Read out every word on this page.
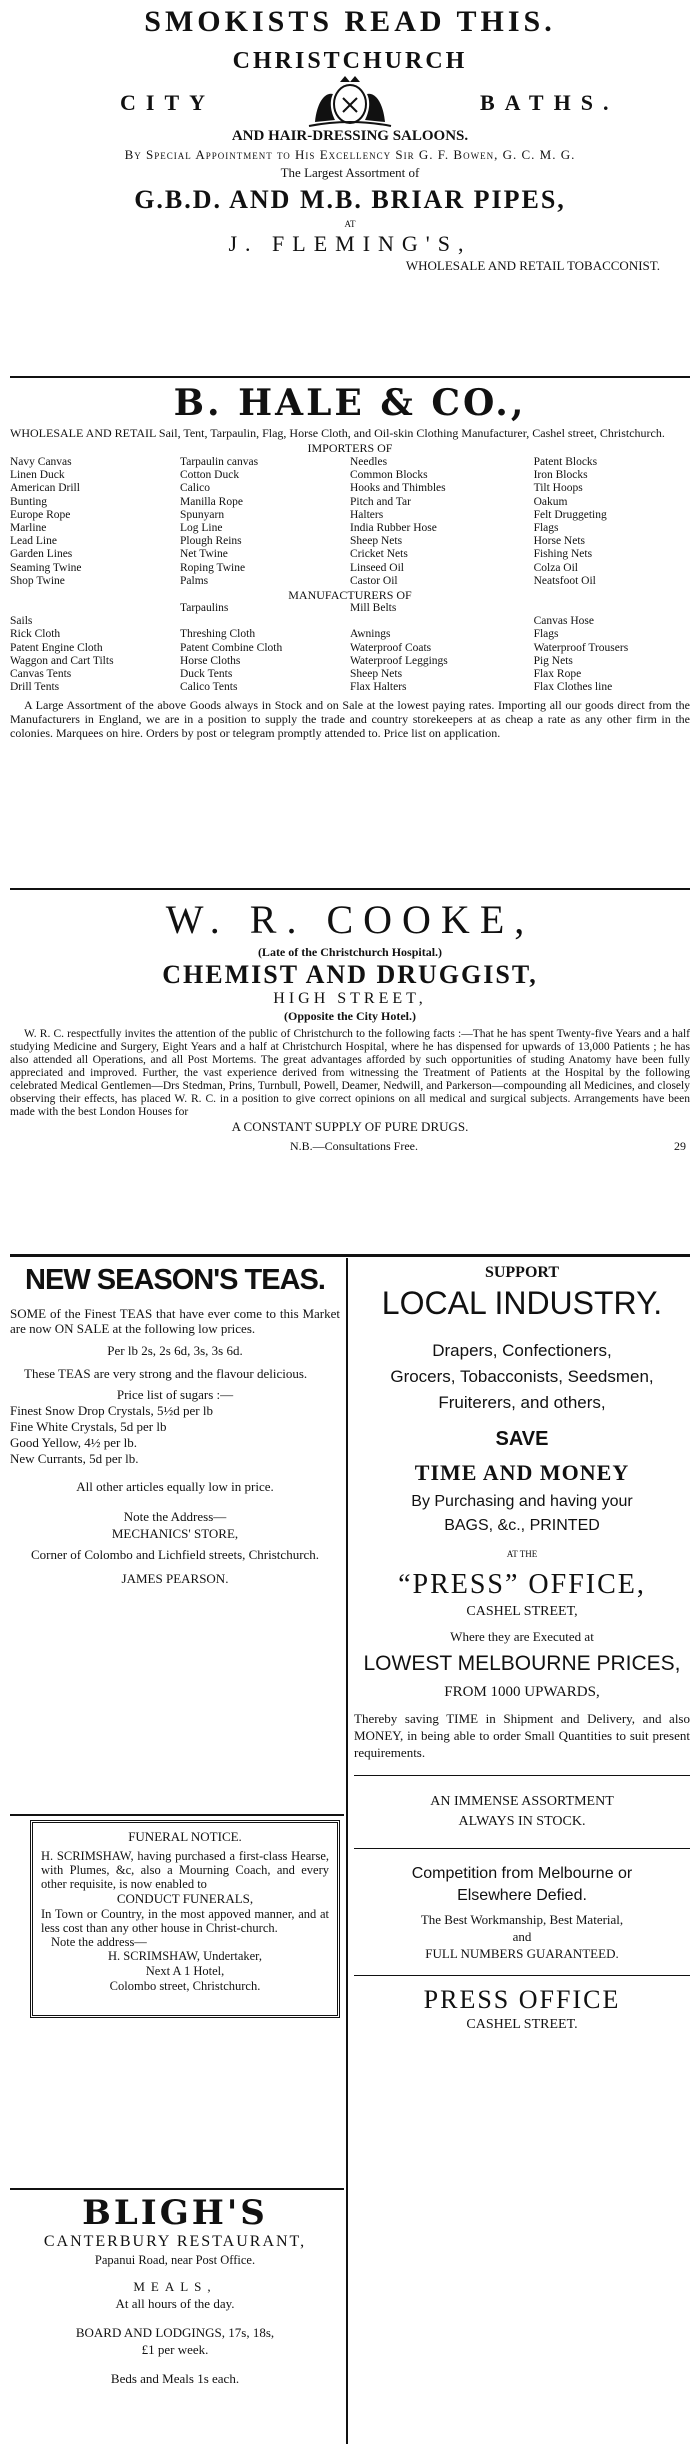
SMOKISTS READ THIS.
CHRISTCHURCH
CITY	BATHS.
AND HAIR-DRESSING SALOONS.
By Special Appointment to His Excellency Sir G. F. Bowen, G. C. M. G.
The Largest Assortment of
G.B.D. AND M.B. BRIAR PIPES,
AT
J. FLEMING'S,
WHOLESALE AND RETAIL TOBACCONIST.
B. HALE & CO.,
WHOLESALE AND RETAIL Sail, Tent, Tarpaulin, Flag, Horse Cloth, and Oil-skin Clothing Manufacturer, Cashel street, Christchurch.
IMPORTERS OF
Navy Canvas	Tarpaulin canvas	Needles	Patent Blocks
Linen Duck	Cotton Duck	Common Blocks	Iron Blocks
American Drill	Calico	Hooks and Thimbles	Tilt Hoops
Bunting	Manilla Rope	Pitch and Tar	Oakum
Europe Rope	Spunyarn	Halters	Felt Druggeting
Marline	Log Line	India Rubber Hose	Flags
Lead Line	Plough Reins	Sheep Nets	Horse Nets
Garden Lines	Net Twine	Cricket Nets	Fishing Nets
Seaming Twine	Roping Twine	Linseed Oil	Colza Oil
Shop Twine	Palms	Castor Oil	Neatsfoot Oil
MANUFACTURERS OF
	Tarpaulins	Mill Belts	
Sails			Canvas Hose
Rick Cloth	Threshing Cloth	Awnings	Flags
Patent Engine Cloth	Patent Combine Cloth	Waterproof Coats	Waterproof Trousers
Waggon and Cart Tilts	Horse Cloths	Waterproof Leggings	Pig Nets
Canvas Tents	Duck Tents	Sheep Nets	Flax Rope
Drill Tents	Calico Tents	Flax Halters	Flax Clothes line
A Large Assortment of the above Goods always in Stock and on Sale at the lowest paying rates. Importing all our goods direct from the Manufacturers in England, we are in a position to supply the trade and country storekeepers at as cheap a rate as any other firm in the colonies. Marquees on hire. Orders by post or telegram promptly attended to. Price list on application.
W. R. COOKE,
(Late of the Christchurch Hospital.)
CHEMIST AND DRUGGIST,
HIGH STREET,
(Opposite the City Hotel.)
W. R. C. respectfully invites the attention of the public of Christchurch to the following facts :—That he has spent Twenty-five Years and a half studying Medicine and Surgery, Eight Years and a half at Christchurch Hospital, where he has dispensed for upwards of 13,000 Patients ; he has also attended all Operations, and all Post Mortems. The great advantages afforded by such opportunities of studing Anatomy have been fully appreciated and improved. Further, the vast experience derived from witnessing the Treatment of Patients at the Hospital by the following celebrated Medical Gentlemen—Drs Stedman, Prins, Turnbull, Powell, Deamer, Nedwill, and Parkerson—compounding all Medicines, and closely observing their effects, has placed W. R. C. in a position to give correct opinions on all medical and surgical subjects. Arrangements have been made with the best London Houses for
A CONSTANT SUPPLY OF PURE DRUGS.
N.B.—Consultations Free.	29
NEW SEASON'S TEAS.
SOME of the Finest TEAS that have ever come to this Market are now ON SALE at the following low prices.
Per lb 2s, 2s 6d, 3s, 3s 6d.
These TEAS are very strong and the flavour delicious.
Price list of sugars :—
Finest Snow Drop Crystals, 5½d per lb
Fine White Crystals, 5d per lb
Good Yellow, 4½ per lb.
New Currants, 5d per lb.
All other articles equally low in price.
Note the Address—
MECHANICS' STORE,
Corner of Colombo and Lichfield streets, Christchurch.
JAMES PEARSON.
FUNERAL NOTICE.
H. SCRIMSHAW, having purchased a first-class Hearse, with Plumes, &c, also a Mourning Coach, and every other requisite, is now enabled to
CONDUCT FUNERALS,
In Town or Country, in the most appoved manner, and at less cost than any other house in Christ-church.
Note the address—
H. SCRIMSHAW, Undertaker,
Next A 1 Hotel,
Colombo street, Christchurch.
BLIGH'S
CANTERBURY RESTAURANT,
Papanui Road, near Post Office.
MEALS,
At all hours of the day.
BOARD AND LODGINGS, 17s, 18s,
£1 per week.
Beds and Meals 1s each.
SUPPORT
LOCAL INDUSTRY.
Drapers, Confectioners,
Grocers, Tobacconists, Seedsmen,
Fruiterers, and others,
SAVE
TIME AND MONEY
By Purchasing and having your
BAGS, &c., PRINTED
AT THE
“PRESS” OFFICE,
CASHEL STREET,
Where they are Executed at
LOWEST MELBOURNE PRICES,
FROM 1000 UPWARDS,
Thereby saving TIME in Shipment and Delivery, and also MONEY, in being able to order Small Quantities to suit present requirements.
AN IMMENSE ASSORTMENT
ALWAYS IN STOCK.
Competition from Melbourne or
Elsewhere Defied.
The Best Workmanship, Best Material,
and
FULL NUMBERS GUARANTEED.
PRESS OFFICE
CASHEL STREET.
